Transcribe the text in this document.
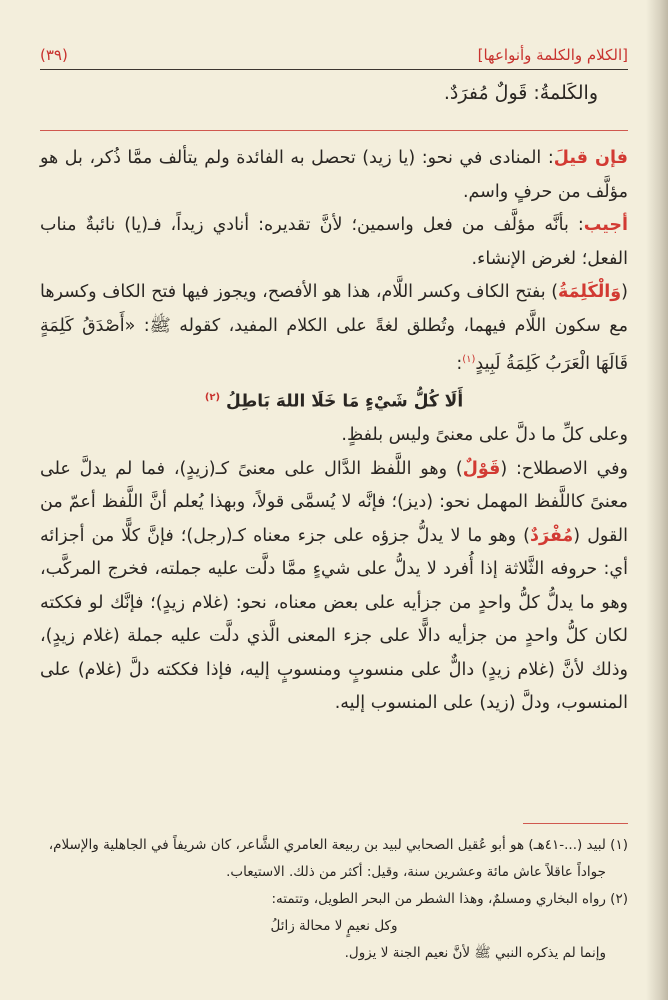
[الكلام والكلمة وأنواعها]
(٣٩)
والكَلمةُ: قَولٌ مُفرَدٌ.

فإن قيلَ: المنادى في نحو: (يا زيد) تحصل به الفائدة ولم يتألف ممَّا ذُكر، بل هو مؤلَّف من حرفٍ واسم.

أجيب: بأنَّه مؤلَّف من فعل واسمين؛ لأنَّ تقديره: أنادي زيداً، فـ(يا) نائبةٌ مناب الفعل؛ لغرض الإنشاء.

(وَالْكَلِمَةُ) بفتح الكاف وكسر اللَّام، هذا هو الأفصح، ويجوز فيها فتح الكاف وكسرها مع سكون اللَّام فيهما، وتُطلق لغةً على الكلام المفيد، كقوله ﷺ: «أَصْدَقُ كَلِمَةٍ قَالَهَا الْعَرَبُ كَلِمَةُ لَبِيدٍ$^{(١)}$:

أَلَا كُلُّ شَيْءٍ مَا خَلَا اللهَ بَاطِلُ $^{(٢)}$

وعلى كلِّ ما دلَّ على معنىً وليس بلفظٍ.

وفي الاصطلاح: (قَوْلٌ) وهو اللَّفظ الدَّال على معنىً كـ(زيدٍ)، فما لم يدلَّ على معنىً كاللَّفظ المهمل نحو: (ديز)؛ فإنَّه لا يُسمَّى قولاً، وبهذا يُعلم أنَّ اللَّفظ أعمّ من القول (مُفْرَدٌ) وهو ما لا يدلُّ جزؤه على جزء معناه كـ(رجل)؛ فإنَّ كلًّا من أجزائه أي: حروفه الثَّلاثة إذا أُفرد لا يدلُّ على شيءٍ ممَّا دلَّت عليه جملته، فخرج المركَّب، وهو ما يدلُّ كلُّ واحدٍ من جزأيه على بعض معناه، نحو: (غلام زيدٍ)؛ فإنَّك لو فككته لكان كلُّ واحدٍ من جزأيه دالًّا على جزء المعنى الَّذي دلَّت عليه جملة (غلام زيدٍ)، وذلك لأنَّ (غلام زيدٍ) دالٌّ على منسوبٍ ومنسوبٍ إليه، فإذا فككته دلَّ (غلام) على المنسوب، ودلَّ (زيد) على المنسوب إليه.

(١) لبيد (...-٤١هـ) هو أبو عُقيل الصحابي لبيد بن ربيعة العامري الشَّاعر، كان شريفاً في الجاهلية والإسلام،

جواداً عاقلاً عاش مائة وعشرين سنة، وقيل: أكثر من ذلك. الاستيعاب.

(٢) رواه البخاري ومسلمٌ، وهذا الشطر من البحر الطويل، وتتمته:

وكل نعيمٍ لا محالة زائلُ

وإنما لم يذكره النبي ﷺ لأنَّ نعيم الجنة لا يزول.
